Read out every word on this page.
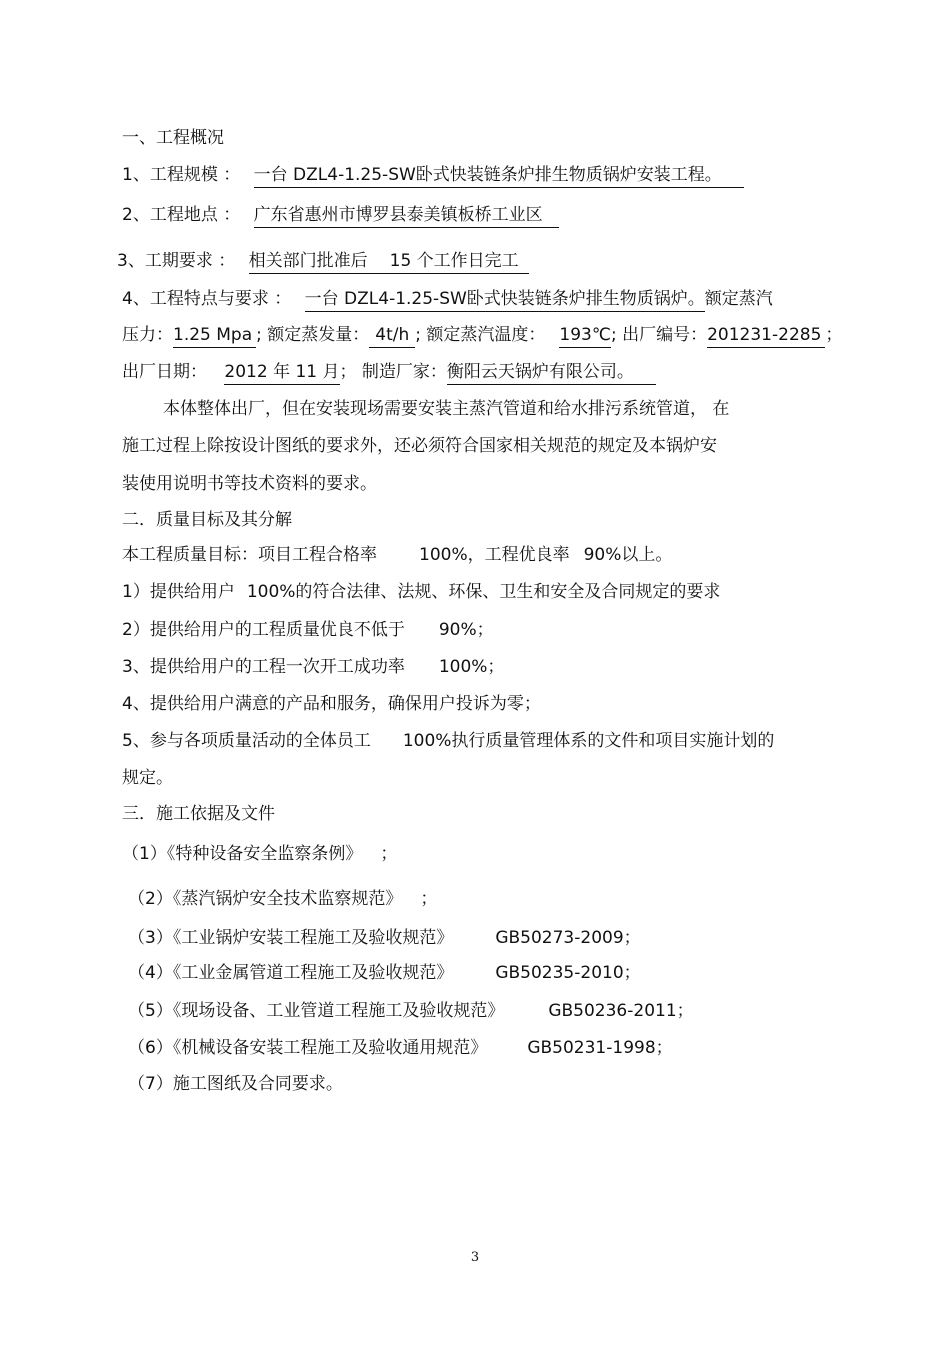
一、工程概况
1、工程规模 ： 一台 DZL4-1.25-SW卧式快装链条炉排生物质锅炉安装工程。
2、工程地点 ： 广东省惠州市博罗县泰美镇板桥工业区
3、工期要求 ： 相关部门批准后 15 个工作日完工
4、工程特点与要求 ： 一台 DZL4-1.25-SW卧式快装链条炉排生物质锅炉。额定蒸汽
压力：1.25 Mpa ; 额定蒸发量： 4t/h ; 额定蒸汽温度： 193℃; 出厂编号：201231-2285 ；
出厂日期： 2012 年 11 月； 制造厂家：衡阳云天锅炉有限公司。
本体整体出厂，但在安装现场需要安装主蒸汽管道和给水排污系统管道， 在
施工过程上除按设计图纸的要求外，还必须符合国家相关规范的规定及本锅炉安
装使用说明书等技术资料的要求。
二．质量目标及其分解
本工程质量目标：项目工程合格率 100%，工程优良率 90%以上。
1）提供给用户 100%的符合法律、法规、环保、卫生和安全及合同规定的要求
2）提供给用户的工程质量优良不低于 90%；
3、提供给用户的工程一次开工成功率 100%；
4、提供给用户满意的产品和服务，确保用户投诉为零；
5、参与各项质量活动的全体员工 100%执行质量管理体系的文件和项目实施计划的
规定。
三．施工依据及文件
（1）《特种设备安全监察条例》 ；
（2）《蒸汽锅炉安全技术监察规范》 ；
（3）《工业锅炉安装工程施工及验收规范》 GB50273-2009；
（4）《工业金属管道工程施工及验收规范》 GB50235-2010；
（5）《现场设备、工业管道工程施工及验收规范》	GB50236-2011；
（6）《机械设备安装工程施工及验收通用规范》 GB50231-1998；
（7）施工图纸及合同要求。
3
